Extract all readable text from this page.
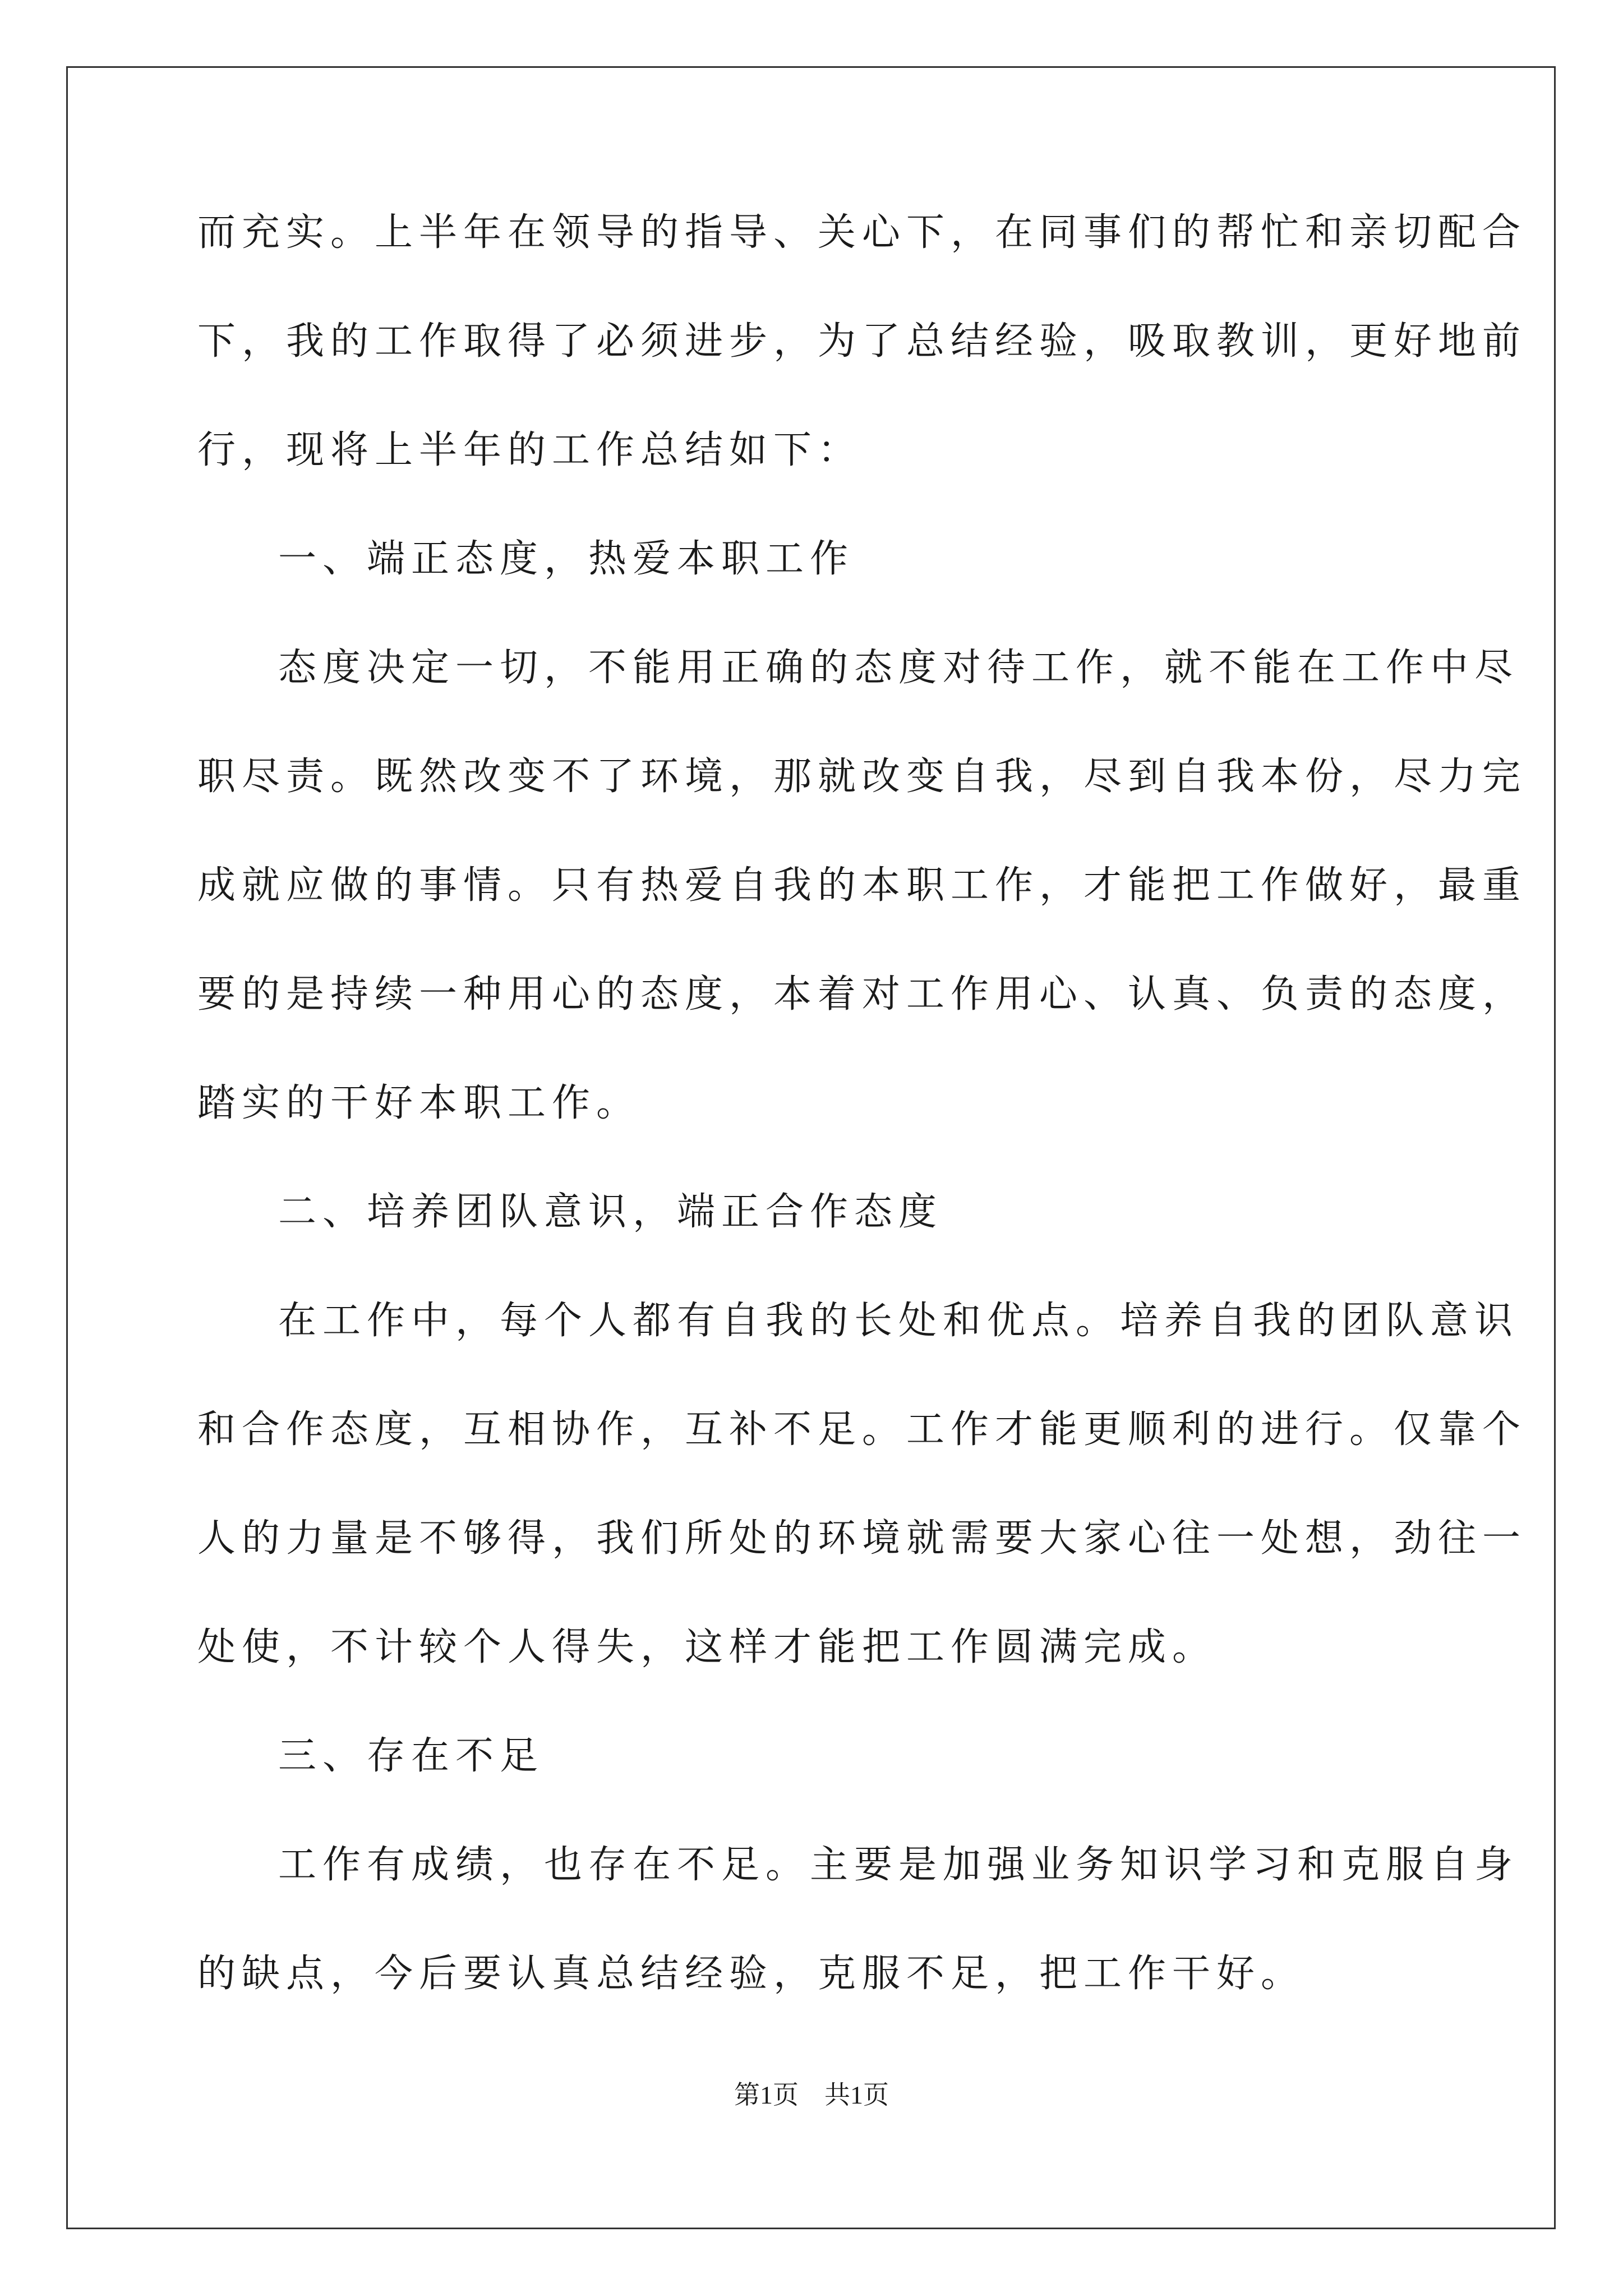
而充实。上半年在领导的指导、关心下，在同事们的帮忙和亲切配合
下，我的工作取得了必须进步，为了总结经验，吸取教训，更好地前
行，现将上半年的工作总结如下：
一、端正态度，热爱本职工作
态度决定一切，不能用正确的态度对待工作，就不能在工作中尽
职尽责。既然改变不了环境，那就改变自我，尽到自我本份，尽力完
成就应做的事情。只有热爱自我的本职工作，才能把工作做好，最重
要的是持续一种用心的态度，本着对工作用心、认真、负责的态度，
踏实的干好本职工作。
二、培养团队意识，端正合作态度
在工作中，每个人都有自我的长处和优点。培养自我的团队意识
和合作态度，互相协作，互补不足。工作才能更顺利的进行。仅靠个
人的力量是不够得，我们所处的环境就需要大家心往一处想，劲往一
处使，不计较个人得失，这样才能把工作圆满完成。
三、存在不足
工作有成绩，也存在不足。主要是加强业务知识学习和克服自身
的缺点，今后要认真总结经验，克服不足，把工作干好。
第1页　共1页
